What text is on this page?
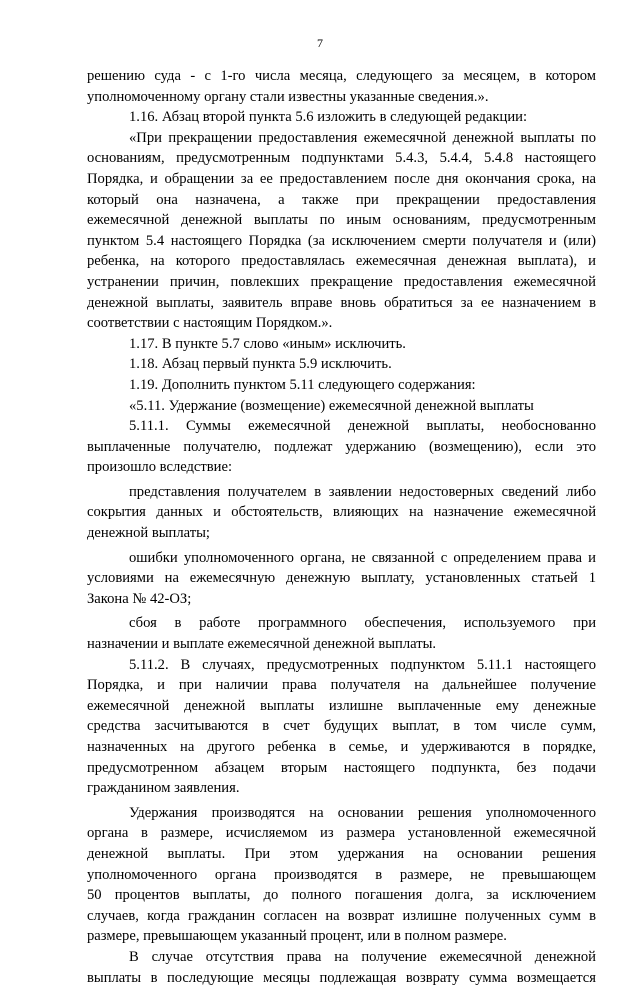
7
решению суда - с 1-го числа месяца, следующего за месяцем, в котором
уполномоченному органу стали известны указанные сведения.».
1.16. Абзац второй пункта 5.6 изложить в следующей редакции:
«При прекращении предоставления ежемесячной денежной выплаты по
основаниям, предусмотренным подпунктами 5.4.3, 5.4.4, 5.4.8 настоящего
Порядка, и обращении за ее предоставлением после дня окончания срока, на
который она назначена, а также при прекращении предоставления
ежемесячной денежной выплаты по иным основаниям, предусмотренным
пунктом 5.4 настоящего Порядка (за исключением смерти получателя и (или)
ребенка, на которого предоставлялась ежемесячная денежная выплата), и
устранении причин, повлекших прекращение предоставления ежемесячной
денежной выплаты, заявитель вправе вновь обратиться за ее назначением в
соответствии с настоящим Порядком.».
1.17. В пункте 5.7 слово «иным» исключить.
1.18. Абзац первый пункта 5.9 исключить.
1.19. Дополнить пунктом 5.11 следующего содержания:
«5.11. Удержание (возмещение) ежемесячной денежной выплаты
5.11.1. Суммы ежемесячной денежной выплаты, необоснованно
выплаченные получателю, подлежат удержанию (возмещению), если это
произошло вследствие:
представления получателем в заявлении недостоверных сведений либо
сокрытия данных и обстоятельств, влияющих на назначение ежемесячной
денежной выплаты;
ошибки уполномоченного органа, не связанной с определением права и
условиями на ежемесячную денежную выплату, установленных статьей 1
Закона № 42-ОЗ;
сбоя в работе программного обеспечения, используемого при
назначении и выплате ежемесячной денежной выплаты.
5.11.2. В случаях, предусмотренных подпунктом 5.11.1 настоящего
Порядка, и при наличии права получателя на дальнейшее получение
ежемесячной денежной выплаты излишне выплаченные ему денежные
средства засчитываются в счет будущих выплат, в том числе сумм,
назначенных на другого ребенка в семье, и удерживаются в порядке,
предусмотренном абзацем вторым настоящего подпункта, без подачи
гражданином заявления.
Удержания производятся на основании решения уполномоченного
органа в размере, исчисляемом из размера установленной ежемесячной
денежной выплаты. При этом удержания на основании решения
уполномоченного органа производятся в размере, не превышающем
50 процентов выплаты, до полного погашения долга, за исключением
случаев, когда гражданин согласен на возврат излишне полученных сумм в
размере, превышающем указанный процент, или в полном размере.
В случае отсутствия права на получение ежемесячной денежной
выплаты в последующие месяцы подлежащая возврату сумма возмещается
